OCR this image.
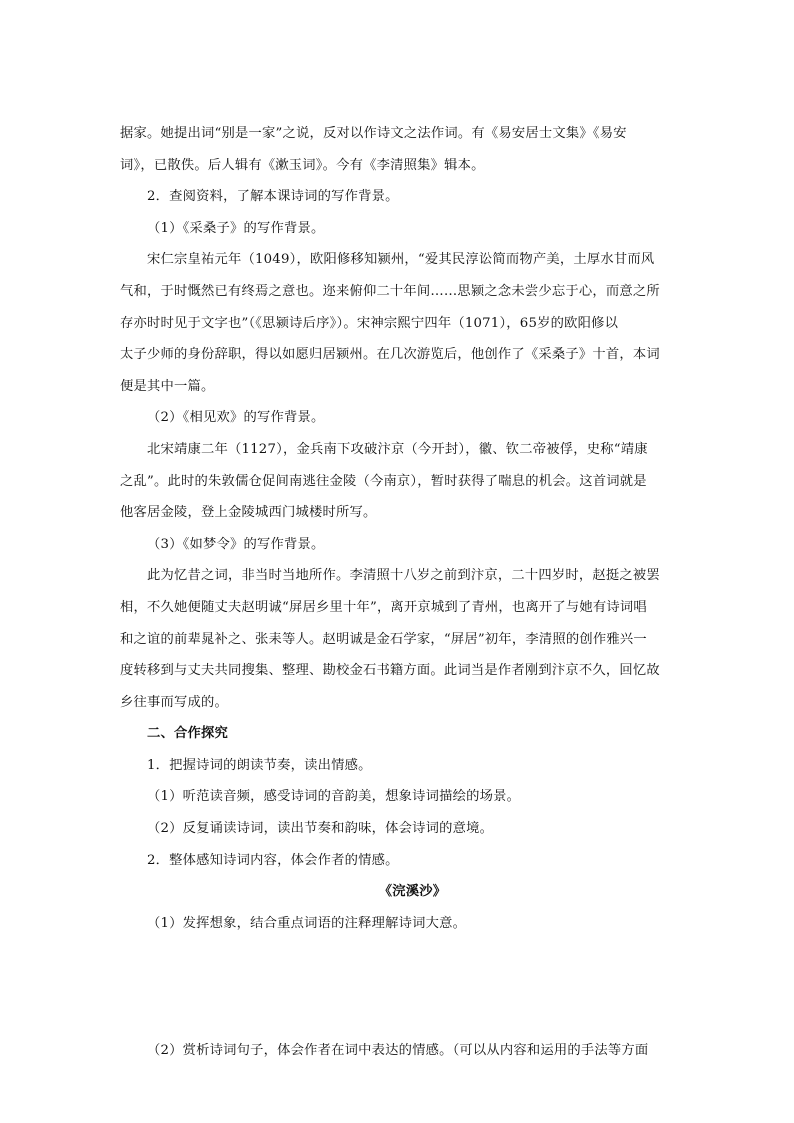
据家。她提出词“别是一家”之说，反对以作诗文之法作词。有《易安居士文集》《易安

词》，已散佚。后人辑有《漱玉词》。今有《李清照集》辑本。

2．查阅资料，了解本课诗词的写作背景。

（1）《采桑子》的写作背景。

宋仁宗皇祐元年（1049），欧阳修移知颍州，“爱其民淳讼简而物产美，土厚水甘而风

气和，于时慨然已有终焉之意也。迩来俯仰二十年间……思颍之念未尝少忘于心，而意之所

存亦时时见于文字也”（《思颍诗后序》）。宋神宗熙宁四年（1071），65岁的欧阳修以

太子少师的身份辞职，得以如愿归居颍州。在几次游览后，他创作了《采桑子》十首，本词

便是其中一篇。

（2）《相见欢》的写作背景。

北宋靖康二年（1127），金兵南下攻破汴京（今开封），徽、钦二帝被俘，史称“靖康

之乱”。此时的朱敦儒仓促间南逃往金陵（今南京），暂时获得了喘息的机会。这首词就是

他客居金陵，登上金陵城西门城楼时所写。

（3）《如梦令》的写作背景。

此为忆昔之词，非当时当地所作。李清照十八岁之前到汴京，二十四岁时，赵挺之被罢

相，不久她便随丈夫赵明诚“屏居乡里十年”，离开京城到了青州，也离开了与她有诗词唱

和之谊的前辈晁补之、张耒等人。赵明诚是金石学家，“屏居”初年，李清照的创作雅兴一

度转移到与丈夫共同搜集、整理、勘校金石书籍方面。此词当是作者刚到汴京不久，回忆故

乡往事而写成的。

二、合作探究

1．把握诗词的朗读节奏，读出情感。

（1）听范读音频，感受诗词的音韵美，想象诗词描绘的场景。

（2）反复诵读诗词，读出节奏和韵味，体会诗词的意境。

2．整体感知诗词内容，体会作者的情感。

《浣溪沙》

（1）发挥想象，结合重点词语的注释理解诗词大意。

（2）赏析诗词句子，体会作者在词中表达的情感。（可以从内容和运用的手法等方面
